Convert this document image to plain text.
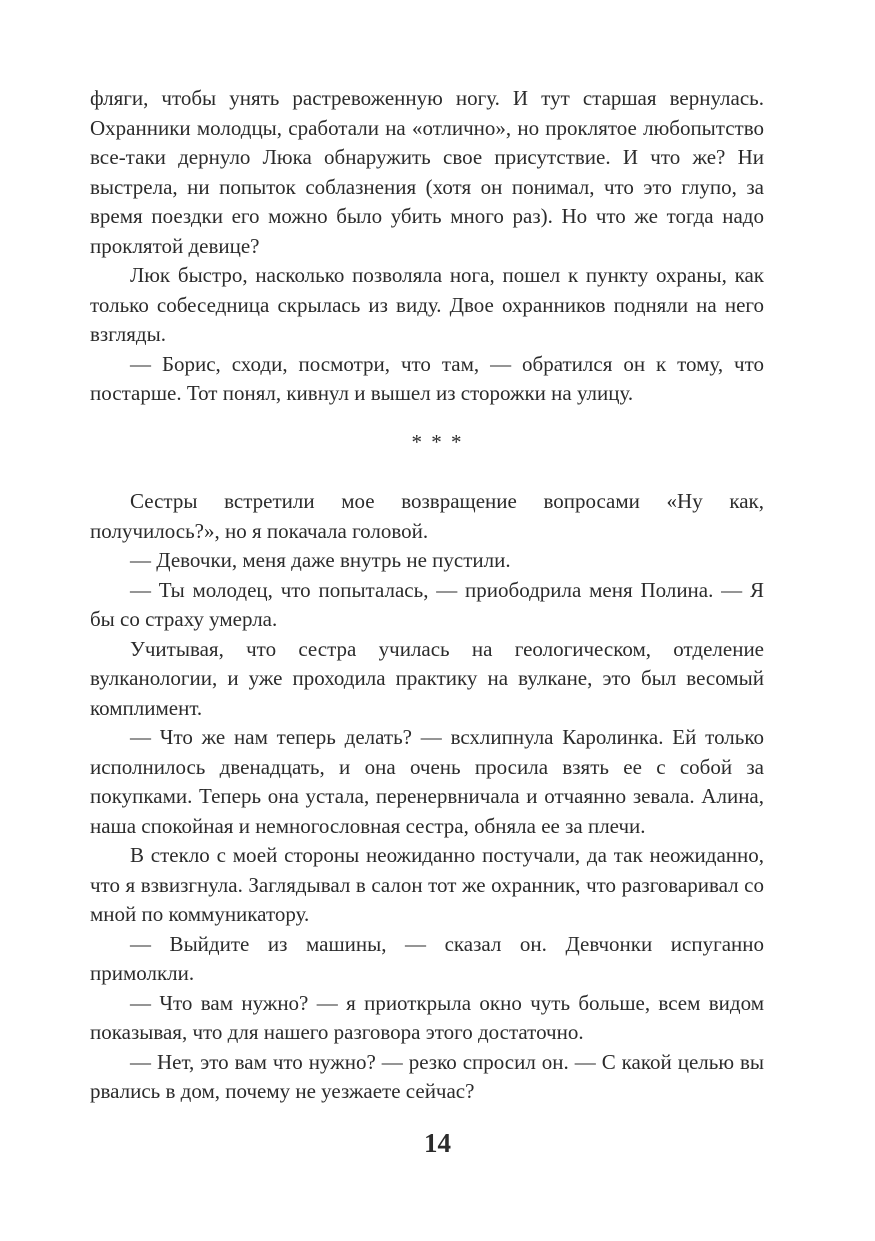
фляги, чтобы унять растревоженную ногу. И тут старшая вернулась. Охранники молодцы, сработали на «отлично», но проклятое любопытство все-таки дернуло Люка обнаружить свое присутствие. И что же? Ни выстрела, ни попыток соблазнения (хотя он понимал, что это глупо, за время поездки его можно было убить много раз). Но что же тогда надо проклятой девице?

Люк быстро, насколько позволяла нога, пошел к пункту охраны, как только собеседница скрылась из виду. Двое охранников подняли на него взгляды.

— Борис, сходи, посмотри, что там, — обратился он к тому, что постарше. Тот понял, кивнул и вышел из сторожки на улицу.

* * *

Сестры встретили мое возвращение вопросами «Ну как, получилось?», но я покачала головой.

— Девочки, меня даже внутрь не пустили.

— Ты молодец, что попыталась, — приободрила меня Полина. — Я бы со страху умерла.

Учитывая, что сестра училась на геологическом, отделение вулканологии, и уже проходила практику на вулкане, это был весомый комплимент.

— Что же нам теперь делать? — всхлипнула Каролинка. Ей только исполнилось двенадцать, и она очень просила взять ее с собой за покупками. Теперь она устала, перенервничала и отчаянно зевала. Алина, наша спокойная и немногословная сестра, обняла ее за плечи.

В стекло с моей стороны неожиданно постучали, да так неожиданно, что я взвизгнула. Заглядывал в салон тот же охранник, что разговаривал со мной по коммуникатору.

— Выйдите из машины, — сказал он. Девчонки испуганно примолкли.

— Что вам нужно? — я приоткрыла окно чуть больше, всем видом показывая, что для нашего разговора этого достаточно.

— Нет, это вам что нужно? — резко спросил он. — С какой целью вы рвались в дом, почему не уезжаете сейчас?

14
